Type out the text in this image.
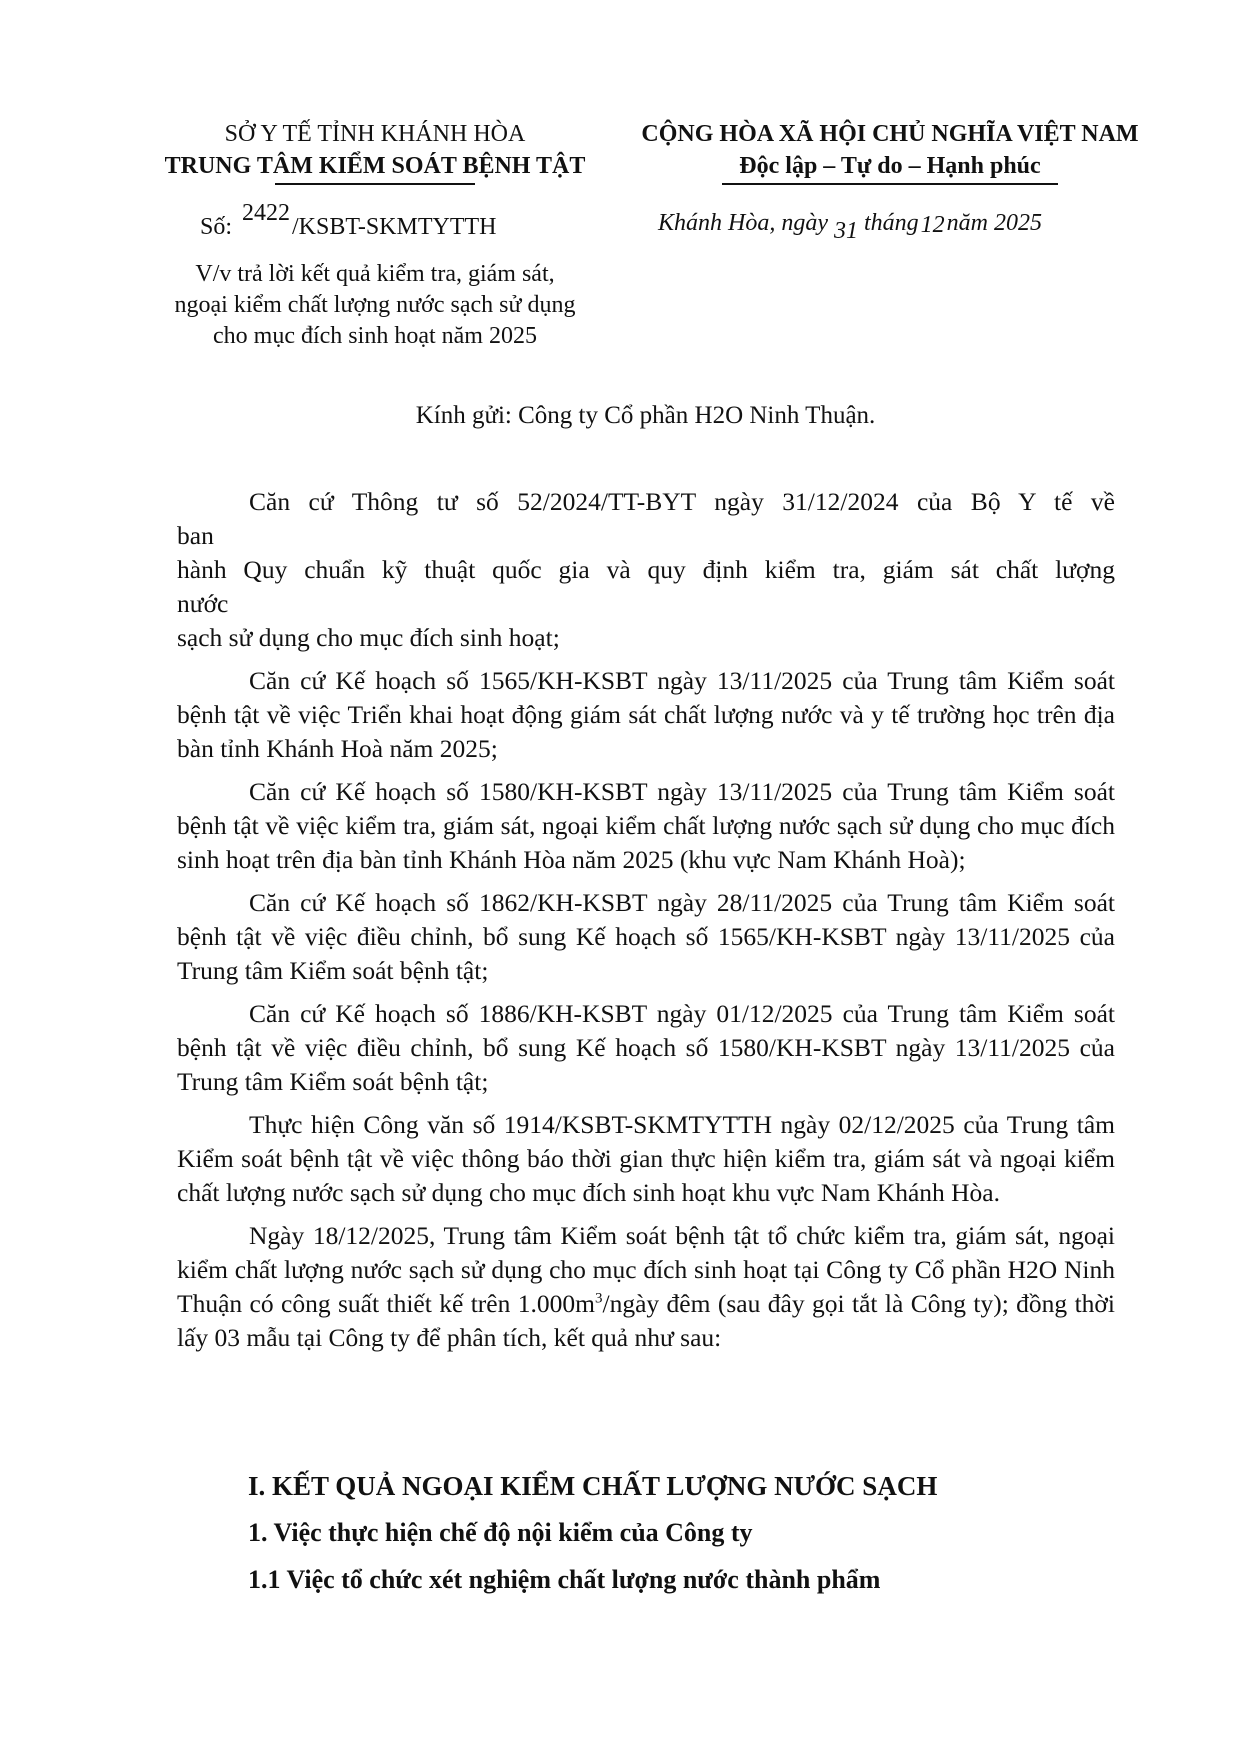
SỞ Y TẾ TỈNH KHÁNH HÒA
TRUNG TÂM KIỂM SOÁT BỆNH TẬT
CỘNG HÒA XÃ HỘI CHỦ NGHĨA VIỆT NAM
Độc lập – Tự do – Hạnh phúc
Số:2422/KSBT-SKMTYTTH	Khánh Hòa, ngày 31 tháng12năm 2025
V/v trả lời kết quả kiểm tra, giám sát,
ngoại kiểm chất lượng nước sạch sử dụng
cho mục đích sinh hoạt năm 2025
Kính gửi: Công ty Cổ phần H2O Ninh Thuận.
Căn cứ Thông tư số 52/2024/TT-BYT ngày 31/12/2024 của Bộ Y tế về
ban
hành Quy chuẩn kỹ thuật quốc gia và quy định kiểm tra, giám sát chất lượng
nước
sạch sử dụng cho mục đích sinh hoạt;

Căn cứ Kế hoạch số 1565/KH-KSBT ngày 13/11/2025 của Trung tâm Kiểm soát bệnh tật về việc Triển khai hoạt động giám sát chất lượng nước và y tế trường học trên địa bàn tỉnh Khánh Hoà năm 2025;

Căn cứ Kế hoạch số 1580/KH-KSBT ngày 13/11/2025 của Trung tâm Kiểm soát bệnh tật về việc kiểm tra, giám sát, ngoại kiểm chất lượng nước sạch sử dụng cho mục đích sinh hoạt trên địa bàn tỉnh Khánh Hòa năm 2025 (khu vực Nam Khánh Hoà);

Căn cứ Kế hoạch số 1862/KH-KSBT ngày 28/11/2025 của Trung tâm Kiểm soát bệnh tật về việc điều chỉnh, bổ sung Kế hoạch số 1565/KH-KSBT ngày 13/11/2025 của Trung tâm Kiểm soát bệnh tật;

Căn cứ Kế hoạch số 1886/KH-KSBT ngày 01/12/2025 của Trung tâm Kiểm soát bệnh tật về việc điều chỉnh, bổ sung Kế hoạch số 1580/KH-KSBT ngày 13/11/2025 của Trung tâm Kiểm soát bệnh tật;

Thực hiện Công văn số 1914/KSBT-SKMTYTTH ngày 02/12/2025 của Trung tâm Kiểm soát bệnh tật về việc thông báo thời gian thực hiện kiểm tra, giám sát và ngoại kiểm chất lượng nước sạch sử dụng cho mục đích sinh hoạt khu vực Nam Khánh Hòa.

Ngày 18/12/2025, Trung tâm Kiểm soát bệnh tật tổ chức kiểm tra, giám sát, ngoại kiểm chất lượng nước sạch sử dụng cho mục đích sinh hoạt tại Công ty Cổ phần H2O Ninh Thuận có công suất thiết kế trên $1.000m^3$/ngày đêm (sau đây gọi tắt là Công ty); đồng thời lấy 03 mẫu tại Công ty để phân tích, kết quả như sau:

I. KẾT QUẢ NGOẠI KIỂM CHẤT LƯỢNG NƯỚC SẠCH
1. Việc thực hiện chế độ nội kiểm của Công ty
1.1 Việc tổ chức xét nghiệm chất lượng nước thành phẩm
